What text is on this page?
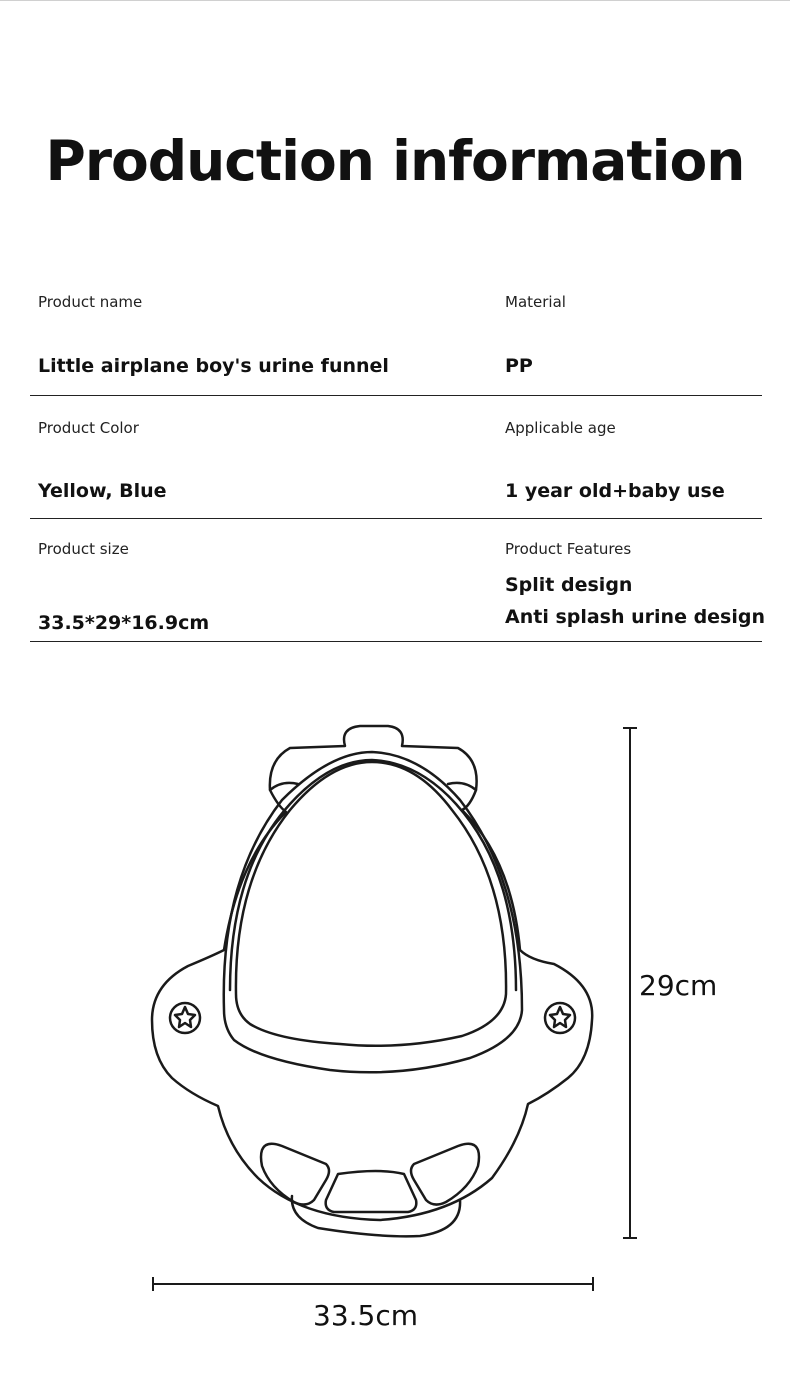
Production information
Product name
Little airplane boy's urine funnel
Material
PP
Product Color
Yellow, Blue
Applicable age
1 year old+baby use
Product size
33.5*29*16.9cm
Product Features
Split design
Anti splash urine design
29cm
33.5cm
